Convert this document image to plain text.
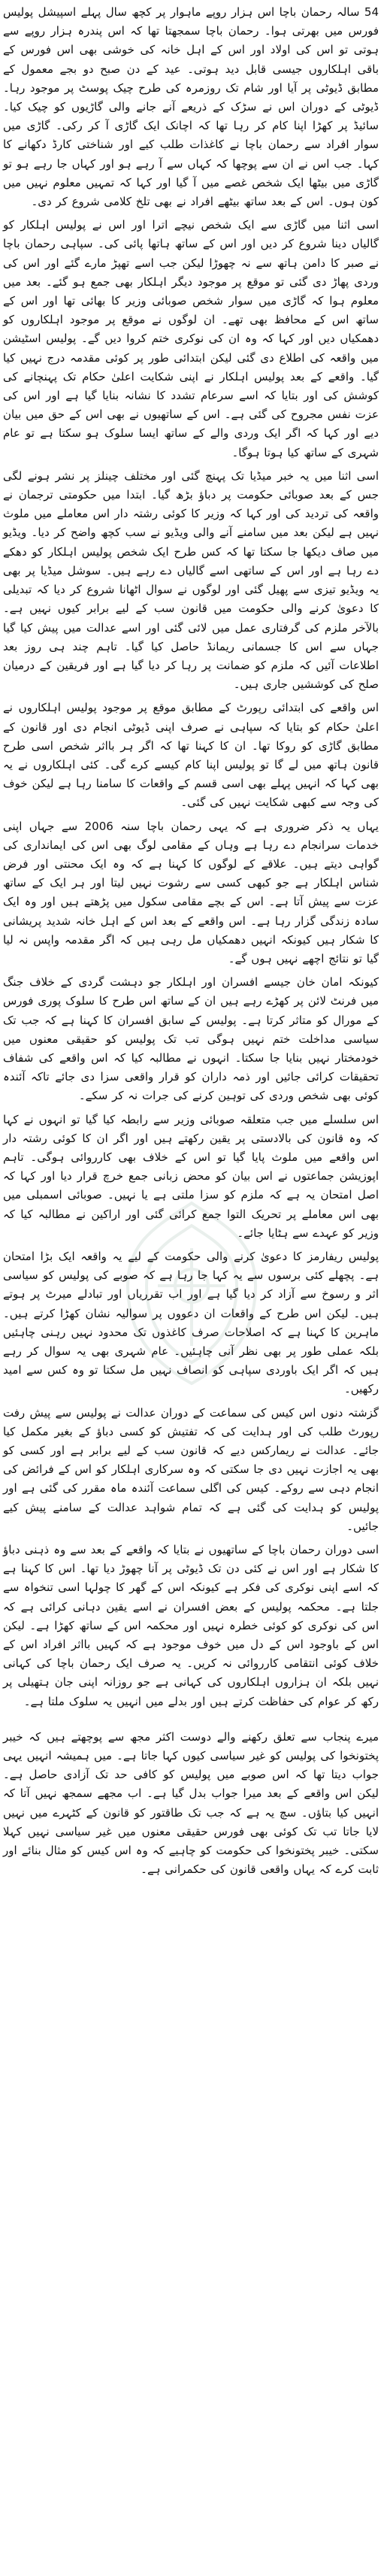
54 سالہ رحمان باچا اس ہزار روپے ماہوار پر کچھ سال پہلے اسپیشل پولیس فورس میں بھرتی ہوا۔ رحمان باچا سمجھتا تھا کہ اس پندرہ ہزار روپے سے ہوتی تو اس کی اولاد اور اس کے اہل خانہ کی خوشی بھی اس فورس کے باقی اہلکاروں جیسی قابل دید ہوتی۔ عید کے دن صبح دو بجے معمول کے مطابق ڈیوٹی پر آیا اور شام تک روزمرہ کی طرح چیک پوسٹ پر موجود رہا۔ ڈیوٹی کے دوران اس نے سڑک کے ذریعے آنے جانے والی گاڑیوں کو چیک کیا۔ سائیڈ پر کھڑا اپنا کام کر رہا تھا کہ اچانک ایک گاڑی آ کر رکی۔ گاڑی میں سوار افراد سے رحمان باچا نے کاغذات طلب کیے اور شناختی کارڈ دکھانے کا کہا۔ جب اس نے ان سے پوچھا کہ کہاں سے آ رہے ہو اور کہاں جا رہے ہو تو گاڑی میں بیٹھا ایک شخص غصے میں آ گیا اور کہا کہ تمہیں معلوم نہیں میں کون ہوں۔ اس کے بعد ساتھ بیٹھے افراد نے بھی تلخ کلامی شروع کر دی۔

اسی اثنا میں گاڑی سے ایک شخص نیچے اترا اور اس نے پولیس اہلکار کو گالیاں دینا شروع کر دیں اور اس کے ساتھ ہاتھا پائی کی۔ سپاہی رحمان باچا نے صبر کا دامن ہاتھ سے نہ چھوڑا لیکن جب اسے تھپڑ مارے گئے اور اس کی وردی پھاڑ دی گئی تو موقع پر موجود دیگر اہلکار بھی جمع ہو گئے۔ بعد میں معلوم ہوا کہ گاڑی میں سوار شخص صوبائی وزیر کا بھائی تھا اور اس کے ساتھ اس کے محافظ بھی تھے۔ ان لوگوں نے موقع پر موجود اہلکاروں کو دھمکیاں دیں اور کہا کہ وہ ان کی نوکری ختم کروا دیں گے۔ پولیس اسٹیشن میں واقعہ کی اطلاع دی گئی لیکن ابتدائی طور پر کوئی مقدمہ درج نہیں کیا گیا۔ واقعے کے بعد پولیس اہلکار نے اپنی شکایت اعلیٰ حکام تک پہنچانے کی کوشش کی اور بتایا کہ اسے سرعام تشدد کا نشانہ بنایا گیا ہے اور اس کی عزت نفس مجروح کی گئی ہے۔ اس کے ساتھیوں نے بھی اس کے حق میں بیان دیے اور کہا کہ اگر ایک وردی والے کے ساتھ ایسا سلوک ہو سکتا ہے تو عام شہری کے ساتھ کیا ہوتا ہوگا۔

اسی اثنا میں یہ خبر میڈیا تک پہنچ گئی اور مختلف چینلز پر نشر ہونے لگی جس کے بعد صوبائی حکومت پر دباؤ بڑھ گیا۔ ابتدا میں حکومتی ترجمان نے واقعہ کی تردید کی اور کہا کہ وزیر کا کوئی رشتہ دار اس معاملے میں ملوث نہیں ہے لیکن بعد میں سامنے آنے والی ویڈیو نے سب کچھ واضح کر دیا۔ ویڈیو میں صاف دیکھا جا سکتا تھا کہ کس طرح ایک شخص پولیس اہلکار کو دھکے دے رہا ہے اور اس کے ساتھی اسے گالیاں دے رہے ہیں۔ سوشل میڈیا پر بھی یہ ویڈیو تیزی سے پھیل گئی اور لوگوں نے سوال اٹھانا شروع کر دیا کہ تبدیلی کا دعویٰ کرنے والی حکومت میں قانون سب کے لیے برابر کیوں نہیں ہے۔ بالآخر ملزم کی گرفتاری عمل میں لائی گئی اور اسے عدالت میں پیش کیا گیا جہاں سے اس کا جسمانی ریمانڈ حاصل کیا گیا۔ تاہم چند ہی روز بعد اطلاعات آئیں کہ ملزم کو ضمانت پر رہا کر دیا گیا ہے اور فریقین کے درمیان صلح کی کوششیں جاری ہیں۔

اس واقعے کی ابتدائی رپورٹ کے مطابق موقع پر موجود پولیس اہلکاروں نے اعلیٰ حکام کو بتایا کہ سپاہی نے صرف اپنی ڈیوٹی انجام دی اور قانون کے مطابق گاڑی کو روکا تھا۔ ان کا کہنا تھا کہ اگر ہر بااثر شخص اسی طرح قانون ہاتھ میں لے گا تو پولیس اپنا کام کیسے کرے گی۔ کئی اہلکاروں نے یہ بھی کہا کہ انہیں پہلے بھی اسی قسم کے واقعات کا سامنا رہا ہے لیکن خوف کی وجہ سے کبھی شکایت نہیں کی گئی۔

یہاں یہ ذکر ضروری ہے کہ یہی رحمان باچا سنہ 2006 سے جہاں اپنی خدمات سرانجام دے رہا ہے وہاں کے مقامی لوگ بھی اس کی ایمانداری کی گواہی دیتے ہیں۔ علاقے کے لوگوں کا کہنا ہے کہ وہ ایک محنتی اور فرض شناس اہلکار ہے جو کبھی کسی سے رشوت نہیں لیتا اور ہر ایک کے ساتھ عزت سے پیش آتا ہے۔ اس کے بچے مقامی سکول میں پڑھتے ہیں اور وہ ایک سادہ زندگی گزار رہا ہے۔ اس واقعے کے بعد اس کے اہل خانہ شدید پریشانی کا شکار ہیں کیونکہ انہیں دھمکیاں مل رہی ہیں کہ اگر مقدمہ واپس نہ لیا گیا تو نتائج اچھے نہیں ہوں گے۔

کیونکہ امان خان جیسے افسران اور اہلکار جو دہشت گردی کے خلاف جنگ میں فرنٹ لائن پر کھڑے رہے ہیں ان کے ساتھ اس طرح کا سلوک پوری فورس کے مورال کو متاثر کرتا ہے۔ پولیس کے سابق افسران کا کہنا ہے کہ جب تک سیاسی مداخلت ختم نہیں ہوگی تب تک پولیس کو حقیقی معنوں میں خودمختار نہیں بنایا جا سکتا۔ انہوں نے مطالبہ کیا کہ اس واقعے کی شفاف تحقیقات کرائی جائیں اور ذمہ داران کو قرار واقعی سزا دی جائے تاکہ آئندہ کوئی بھی شخص وردی کی توہین کرنے کی جرات نہ کر سکے۔

اس سلسلے میں جب متعلقہ صوبائی وزیر سے رابطہ کیا گیا تو انہوں نے کہا کہ وہ قانون کی بالادستی پر یقین رکھتے ہیں اور اگر ان کا کوئی رشتہ دار اس واقعے میں ملوث پایا گیا تو اس کے خلاف بھی کارروائی ہوگی۔ تاہم اپوزیشن جماعتوں نے اس بیان کو محض زبانی جمع خرچ قرار دیا اور کہا کہ اصل امتحان یہ ہے کہ ملزم کو سزا ملتی ہے یا نہیں۔ صوبائی اسمبلی میں بھی اس معاملے پر تحریک التوا جمع کرائی گئی اور اراکین نے مطالبہ کیا کہ وزیر کو عہدے سے ہٹایا جائے۔

پولیس ریفارمز کا دعویٰ کرنے والی حکومت کے لیے یہ واقعہ ایک بڑا امتحان ہے۔ پچھلے کئی برسوں سے یہ کہا جا رہا ہے کہ صوبے کی پولیس کو سیاسی اثر و رسوخ سے آزاد کر دیا گیا ہے اور اب تقرریاں اور تبادلے میرٹ پر ہوتے ہیں۔ لیکن اس طرح کے واقعات ان دعووں پر سوالیہ نشان کھڑا کرتے ہیں۔ ماہرین کا کہنا ہے کہ اصلاحات صرف کاغذوں تک محدود نہیں رہنی چاہئیں بلکہ عملی طور پر بھی نظر آنی چاہئیں۔ عام شہری بھی یہ سوال کر رہے ہیں کہ اگر ایک باوردی سپاہی کو انصاف نہیں مل سکتا تو وہ کس سے امید رکھیں۔

گزشتہ دنوں اس کیس کی سماعت کے دوران عدالت نے پولیس سے پیش رفت رپورٹ طلب کی اور ہدایت کی کہ تفتیش کو کسی دباؤ کے بغیر مکمل کیا جائے۔ عدالت نے ریمارکس دیے کہ قانون سب کے لیے برابر ہے اور کسی کو بھی یہ اجازت نہیں دی جا سکتی کہ وہ سرکاری اہلکار کو اس کے فرائض کی انجام دہی سے روکے۔ کیس کی اگلی سماعت آئندہ ماہ مقرر کی گئی ہے اور پولیس کو ہدایت کی گئی ہے کہ تمام شواہد عدالت کے سامنے پیش کیے جائیں۔

اسی دوران رحمان باچا کے ساتھیوں نے بتایا کہ واقعے کے بعد سے وہ ذہنی دباؤ کا شکار ہے اور اس نے کئی دن تک ڈیوٹی پر آنا چھوڑ دیا تھا۔ اس کا کہنا ہے کہ اسے اپنی نوکری کی فکر ہے کیونکہ اس کے گھر کا چولہا اسی تنخواہ سے جلتا ہے۔ محکمہ پولیس کے بعض افسران نے اسے یقین دہانی کرائی ہے کہ اس کی نوکری کو کوئی خطرہ نہیں اور محکمہ اس کے ساتھ کھڑا ہے۔ لیکن اس کے باوجود اس کے دل میں خوف موجود ہے کہ کہیں بااثر افراد اس کے خلاف کوئی انتقامی کارروائی نہ کریں۔ یہ صرف ایک رحمان باچا کی کہانی نہیں بلکہ ان ہزاروں اہلکاروں کی کہانی ہے جو روزانہ اپنی جان ہتھیلی پر رکھ کر عوام کی حفاظت کرتے ہیں اور بدلے میں انہیں یہ سلوک ملتا ہے۔

میرے پنجاب سے تعلق رکھنے والے دوست اکثر مجھ سے پوچھتے ہیں کہ خیبر پختونخوا کی پولیس کو غیر سیاسی کیوں کہا جاتا ہے۔ میں ہمیشہ انہیں یہی جواب دیتا تھا کہ اس صوبے میں پولیس کو کافی حد تک آزادی حاصل ہے۔ لیکن اس واقعے کے بعد میرا جواب بدل گیا ہے۔ اب مجھے سمجھ نہیں آتا کہ انہیں کیا بتاؤں۔ سچ یہ ہے کہ جب تک طاقتور کو قانون کے کٹہرے میں نہیں لایا جاتا تب تک کوئی بھی فورس حقیقی معنوں میں غیر سیاسی نہیں کہلا سکتی۔ خیبر پختونخوا کی حکومت کو چاہیے کہ وہ اس کیس کو مثال بنائے اور ثابت کرے کہ یہاں واقعی قانون کی حکمرانی ہے۔
